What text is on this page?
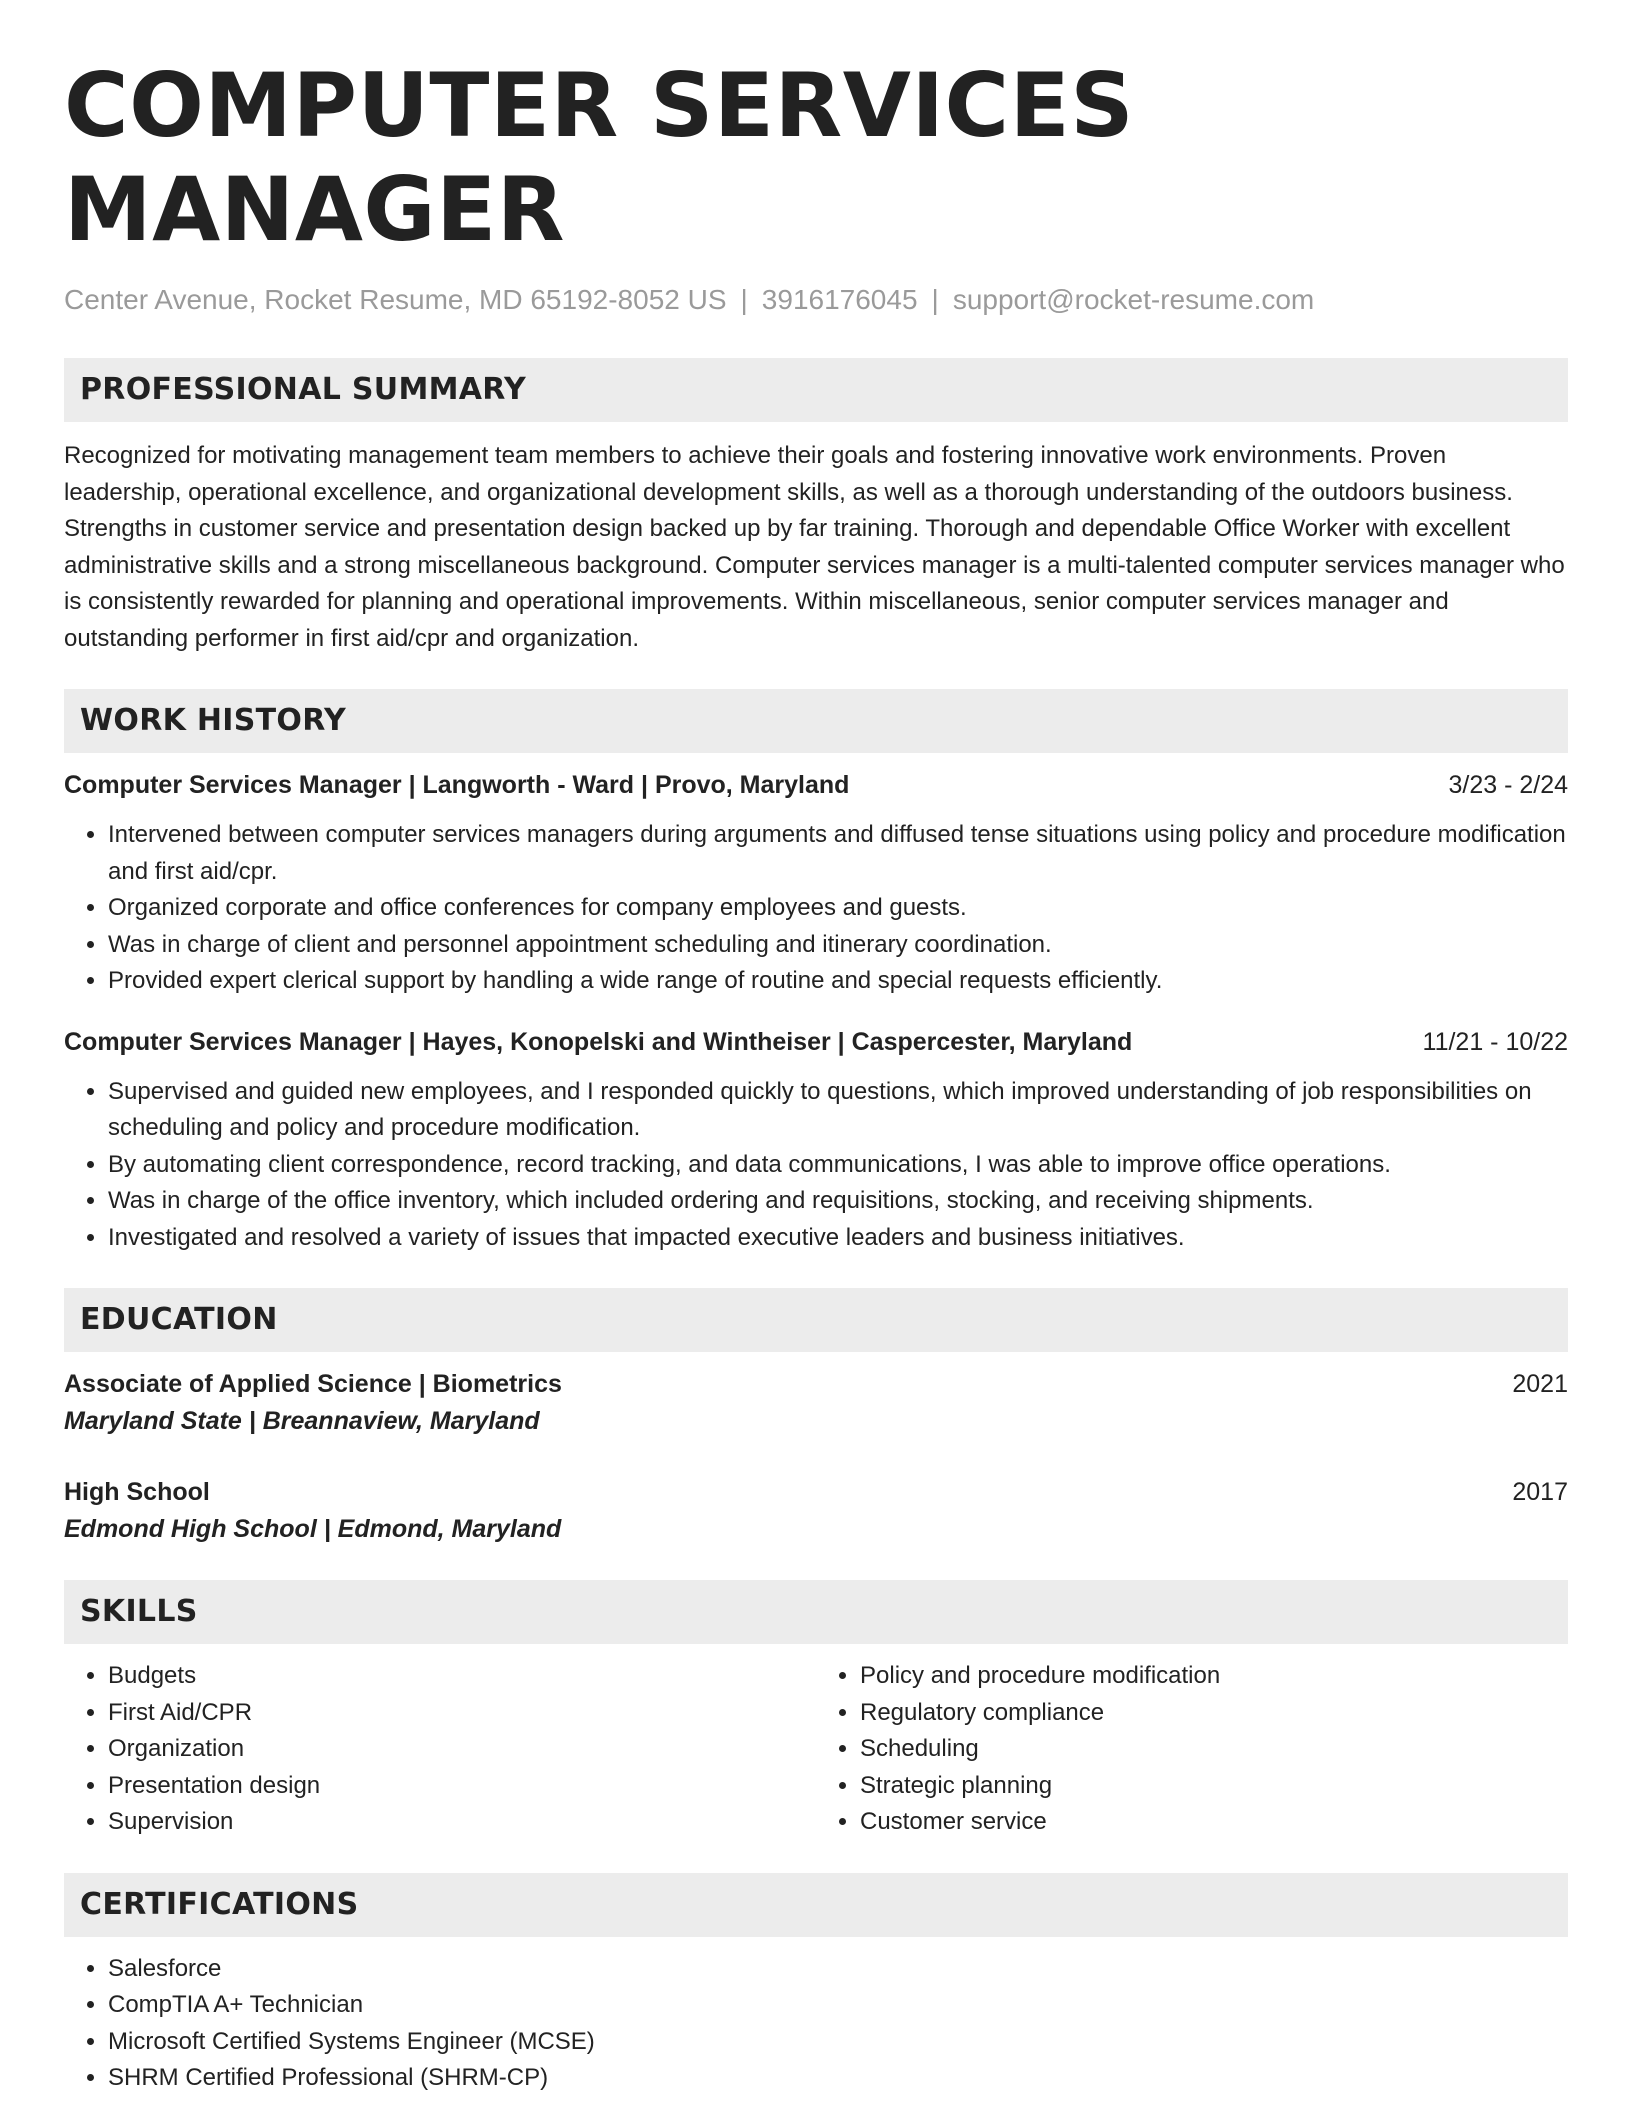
COMPUTER SERVICES MANAGER
Center Avenue, Rocket Resume, MD 65192-8052 US | 3916176045 | support@rocket-resume.com
PROFESSIONAL SUMMARY

Recognized for motivating management team members to achieve their goals and fostering innovative work environments. Proven leadership, operational excellence, and organizational development skills, as well as a thorough understanding of the outdoors business. Strengths in customer service and presentation design backed up by far training. Thorough and dependable Office Worker with excellent administrative skills and a strong miscellaneous background. Computer services manager is a multi-talented computer services manager who is consistently rewarded for planning and operational improvements. Within miscellaneous, senior computer services manager and outstanding performer in first aid/cpr and organization.

WORK HISTORY
Computer Services Manager | Langworth - Ward | Provo, Maryland	3/23 - 2/24
• Intervened between computer services managers during arguments and diffused tense situations using policy and procedure modification and first aid/cpr.
• Organized corporate and office conferences for company employees and guests.
• Was in charge of client and personnel appointment scheduling and itinerary coordination.
• Provided expert clerical support by handling a wide range of routine and special requests efficiently.
Computer Services Manager | Hayes, Konopelski and Wintheiser | Caspercester, Maryland	11/21 - 10/22
• Supervised and guided new employees, and I responded quickly to questions, which improved understanding of job responsibilities on scheduling and policy and procedure modification.
• By automating client correspondence, record tracking, and data communications, I was able to improve office operations.
• Was in charge of the office inventory, which included ordering and requisitions, stocking, and receiving shipments.
• Investigated and resolved a variety of issues that impacted executive leaders and business initiatives.
EDUCATION
Associate of Applied Science | Biometrics	2021
Maryland State | Breannaview, Maryland
High School	2017
Edmond High School | Edmond, Maryland
SKILLS
• Budgets
• First Aid/CPR
• Organization
• Presentation design
• Supervision
• Policy and procedure modification
• Regulatory compliance
• Scheduling
• Strategic planning
• Customer service
CERTIFICATIONS
• Salesforce
• CompTIA A+ Technician
• Microsoft Certified Systems Engineer (MCSE)
• SHRM Certified Professional (SHRM-CP)
